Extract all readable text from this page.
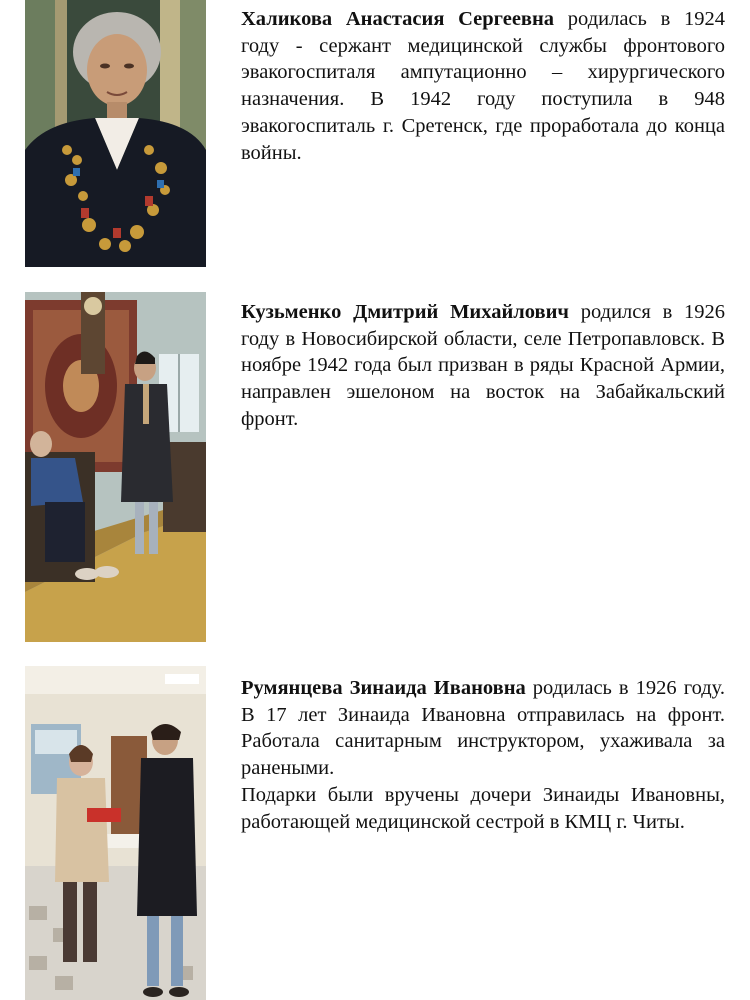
Халикова Анастасия Сергеевна родилась в 1924 году - сержант медицинской службы фронтового эвакогоспиталя ампутационно – хирургического назначения. В 1942 году поступила в 948 эвакогоспиталь г. Сретенск, где проработала до конца войны.

Кузьменко Дмитрий Михайлович родился в 1926 году в Новосибирской области, селе Петропавловск. В ноябре 1942 года был призван в ряды Красной Армии, направлен эшелоном на восток на Забайкальский фронт.

Румянцева Зинаида Ивановна родилась в 1926 году. В 17 лет Зинаида Ивановна отправилась на фронт. Работала санитарным инструктором, ухаживала за ранеными.

Подарки были вручены дочери Зинаиды Ивановны, работающей медицинской сестрой в КМЦ г. Читы.
